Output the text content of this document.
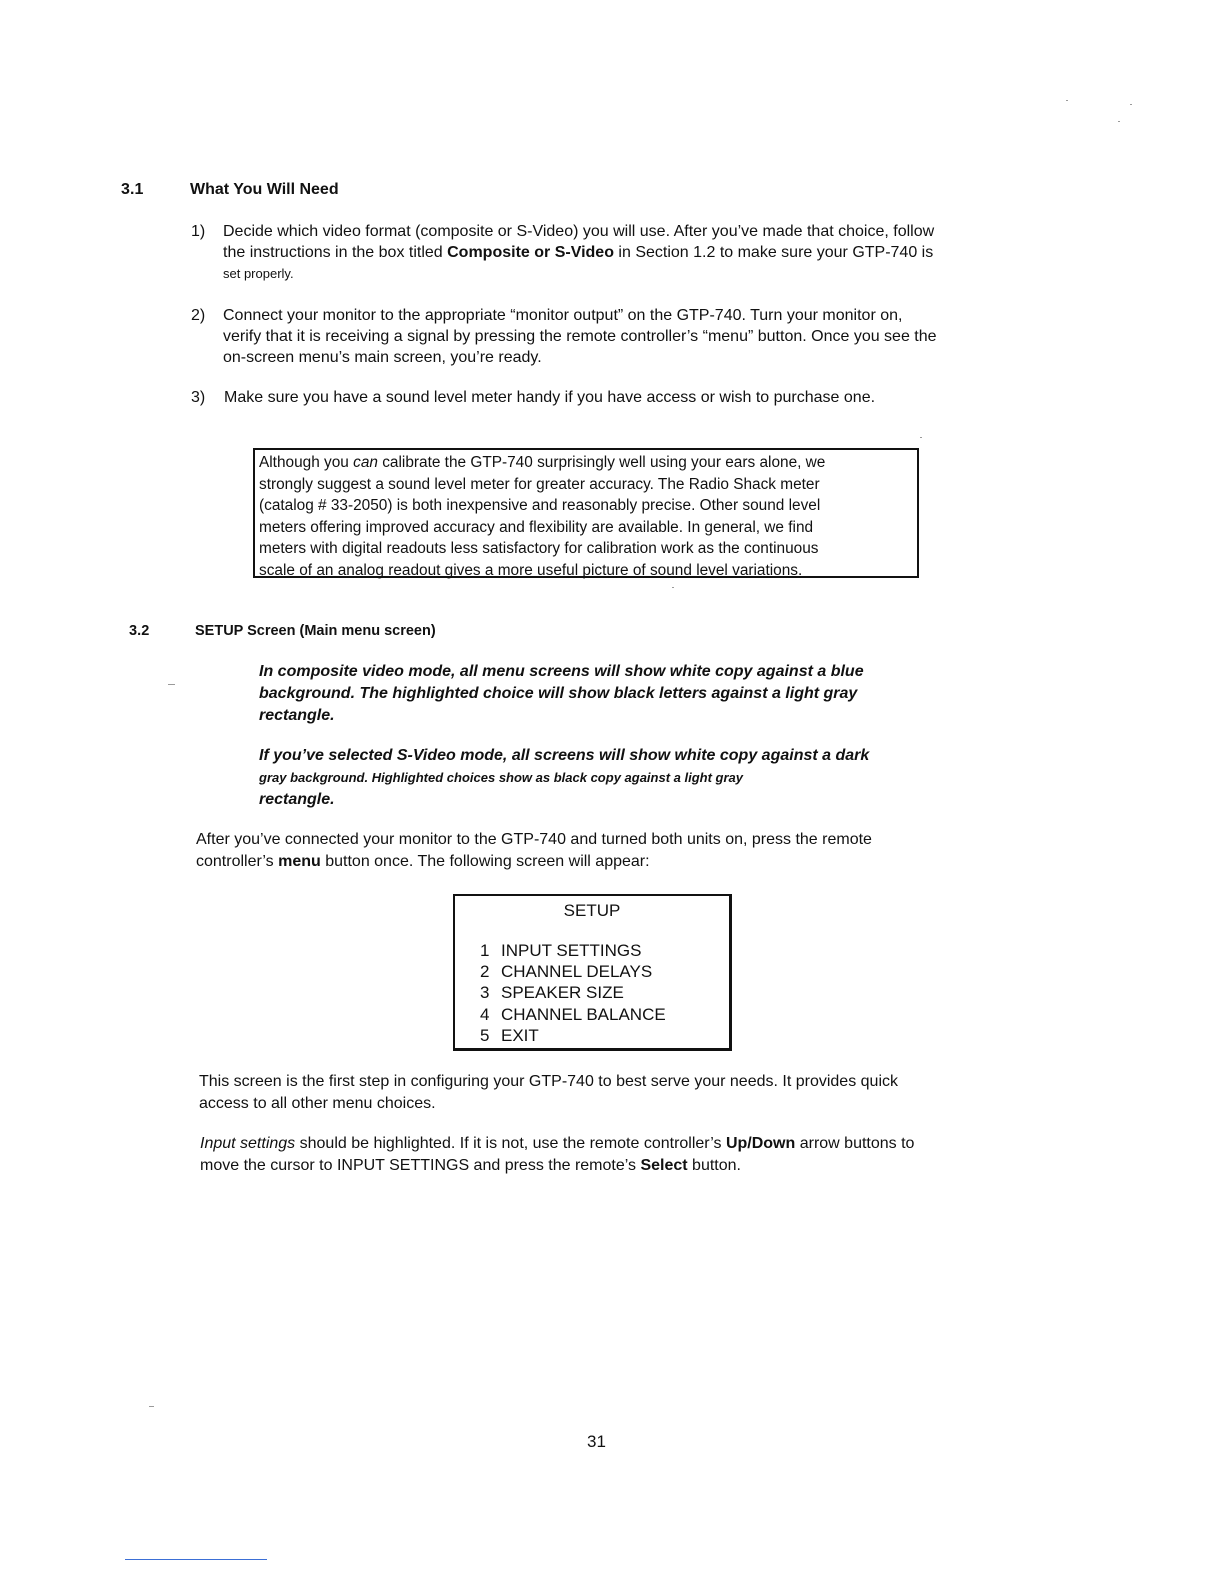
3.1	What You Will Need
1) Decide which video format (composite or S-Video) you will use. After you’ve made that choice, follow
the instructions in the box titled Composite or S-Video in Section 1.2 to make sure your GTP-740 is
set properly.
2) Connect your monitor to the appropriate “monitor output” on the GTP-740. Turn your monitor on,
verify that it is receiving a signal by pressing the remote controller’s “menu” button. Once you see the
on-screen menu’s main screen, you’re ready.
3) Make sure you have a sound level meter handy if you have access or wish to purchase one.
Although you can calibrate the GTP-740 surprisingly well using your ears alone, we
strongly suggest a sound level meter for greater accuracy. The Radio Shack meter
(catalog # 33-2050) is both inexpensive and reasonably precise. Other sound level
meters offering improved accuracy and flexibility are available. In general, we find
meters with digital readouts less satisfactory for calibration work as the continuous
scale of an analog readout gives a more useful picture of sound level variations.
3.2	SETUP Screen (Main menu screen)
In composite video mode, all menu screens will show white copy against a blue
background. The highlighted choice will show black letters against a light gray
rectangle.
If you’ve selected S-Video mode, all screens will show white copy against a dark
gray background. Highlighted choices show as black copy against a light gray
rectangle.
After you’ve connected your monitor to the GTP-740 and turned both units on, press the remote
controller’s menu button once. The following screen will appear:
SETUP
1 INPUT SETTINGS
2 CHANNEL DELAYS
3 SPEAKER SIZE
4 CHANNEL BALANCE
5 EXIT
This screen is the first step in configuring your GTP-740 to best serve your needs. It provides quick
access to all other menu choices.
Input settings should be highlighted. If it is not, use the remote controller’s Up/Down arrow buttons to
move the cursor to INPUT SETTINGS and press the remote’s Select button.
31
